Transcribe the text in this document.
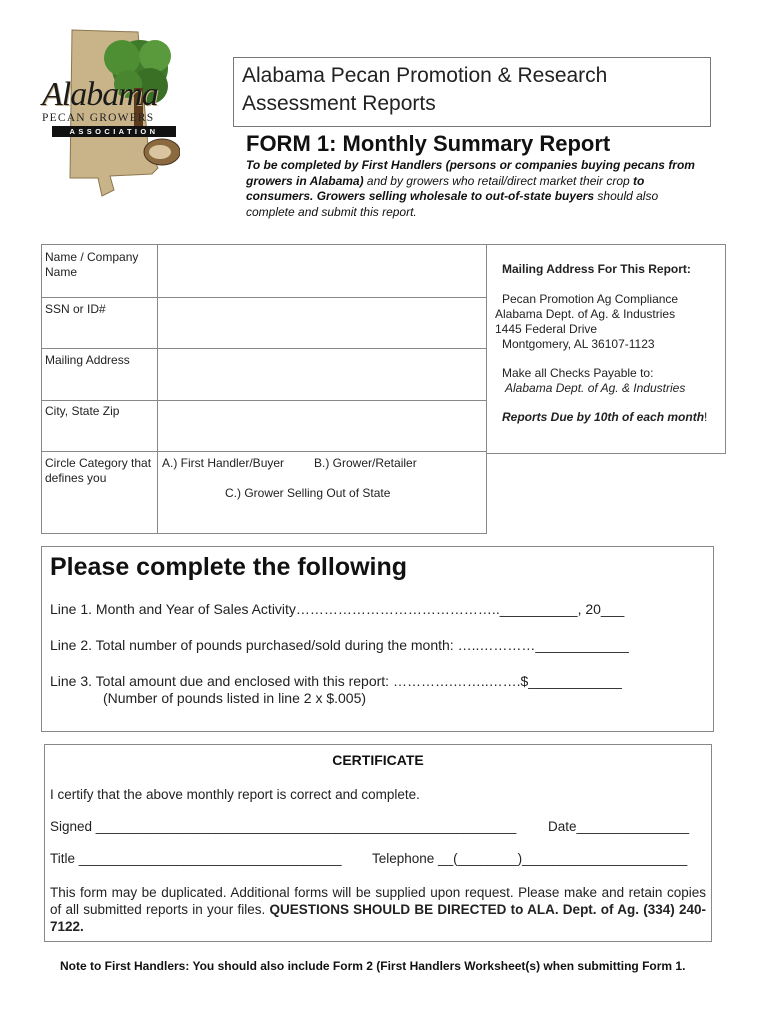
Alabama
PECAN GROWERS
ASSOCIATION
Alabama Pecan Promotion & Research
Assessment Reports
FORM 1: Monthly Summary Report
To be completed by First Handlers (persons or companies buying pecans from growers in Alabama) and by growers who retail/direct market their crop to consumers. Growers selling wholesale to out-of-state buyers should also complete and submit this report.
Name / Company Name
SSN or ID#
Mailing Address
City, State Zip
Circle Category that defines you
A.) First Handler/Buyer B.) Grower/Retailer
C.) Grower Selling Out of State
Mailing Address For This Report:
Pecan Promotion Ag Compliance
Alabama Dept. of Ag. & Industries
1445 Federal Drive
Montgomery, AL 36107-1123
Make all Checks Payable to:
Alabama Dept. of Ag. & Industries
Reports Due by 10th of each month!
Please complete the following
Line 1. Month and Year of Sales Activity……………………………………..__________, 20___
Line 2. Total number of pounds purchased/sold during the month: …..…………____________
Line 3. Total amount due and enclosed with this report: ………….……..…….$____________
(Number of pounds listed in line 2 x $.005)
CERTIFICATE
I certify that the above monthly report is correct and complete.
Signed ________________________________________________________ Date_______________
Title ___________________________________ Telephone __(________)______________________
This form may be duplicated. Additional forms will be supplied upon request. Please make and retain copies of all submitted reports in your files. QUESTIONS SHOULD BE DIRECTED to ALA. Dept. of Ag. (334) 240-7122.
Note to First Handlers: You should also include Form 2 (First Handlers Worksheet(s) when submitting Form 1.
